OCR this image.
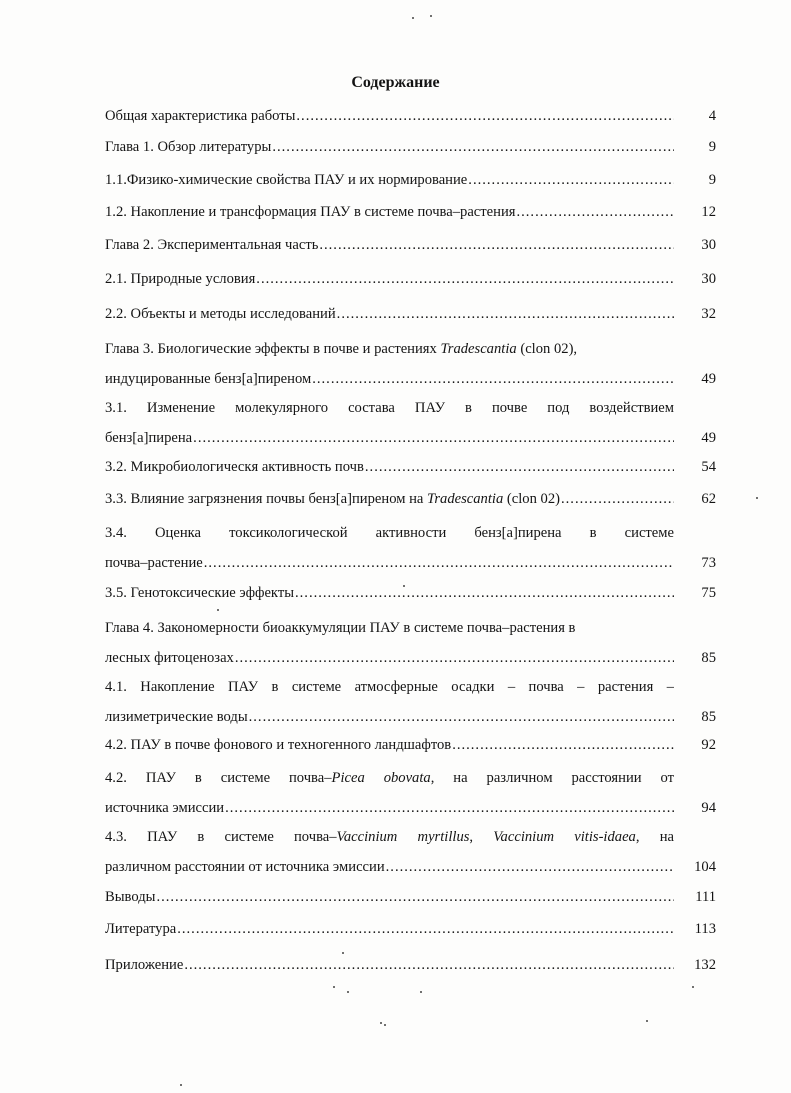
Содержание
Общая характеристика работы .....	4
Глава 1. Обзор литературы .....	9
1.1.Физико-химические свойства ПАУ и их нормирование .....	9
1.2. Накопление и трансформация ПАУ в системе почва–растения .....	12
Глава 2. Экспериментальная часть .....	30
2.1. Природные условия .....	30
2.2. Объекты и методы исследований .....	32
Глава 3. Биологические эффекты в почве и растениях Tradescantia (clon 02),
индуцированные бенз[a]пиреном .....	49
3.1. Изменение молекулярного состава ПАУ в почве под воздействием
бенз[a]пирена .....	49
3.2. Микробиологическя активность почв .....	54
3.3. Влияние загрязнения почвы бенз[a]пиреном на Tradescantia (clon 02) .....	62
3.4. Оценка токсикологической активности бенз[a]пирена в системе
почва–растение .....	73
3.5. Генотоксические эффекты .....	75
Глава 4. Закономерности биоаккумуляции ПАУ в системе почва–растения в
лесных фитоценозах .....	85
4.1. Накопление ПАУ в системе атмосферные осадки – почва – растения –
лизиметрические воды .....	85
4.2. ПАУ в почве фонового и техногенного ландшафтов .....	92
4.2. ПАУ в системе почва–Picea obovata, на различном расстоянии от
источника эмиссии .....	94
4.3. ПАУ в системе почва–Vaccinium myrtillus, Vaccinium vitis-idaea, на
различном расстоянии от источника эмиссии .....	104
Выводы .....	111
Литература .....	113
Приложение .....	132
